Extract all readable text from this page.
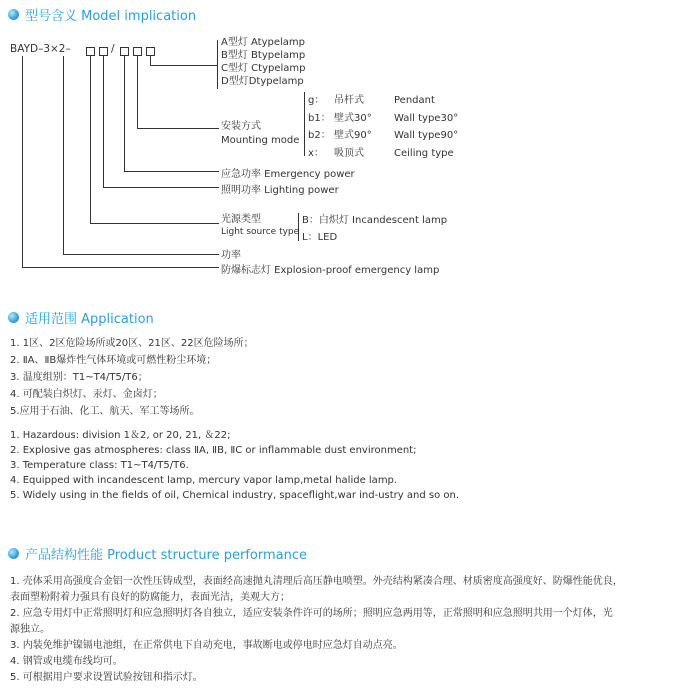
型号含义 Model implication
BAYD–3×2–	/
A型灯 Atypelamp
B型灯 Btypelamp
C型灯 Ctypelamp
D型灯Dtypelamp
安装方式
Mounting mode
g： 吊杆式	Pendant
b1： 壁式30° Wall type30°
b2： 壁式90° Wall type90°
x： 吸顶式	Ceiling type
应急功率 Emergency power
照明功率 Lighting power
光源类型
Light source type
B：白炽灯 Incandescent lamp
L：LED
功率
防爆标志灯 Explosion-proof emergency lamp
适用范围 Application
1. 1区、2区危险场所或20区、21区、22区危险场所；
2. ⅡA、ⅡB爆炸性气体环境或可燃性粉尘环境；
3. 温度组别：T1~T4/T5/T6；
4. 可配装白炽灯、汞灯、金卤灯；
5.应用于石油、化工、航天、军工等场所。
1. Hazardous: division 1＆2, or 20, 21, ＆22;
2. Explosive gas atmospheres: class ⅡA, ⅡB, ⅡC or inflammable dust environment;
3. Temperature class: T1~T4/T5/T6.
4. Equipped with incandescent lamp, mercury vapor lamp,metal halide lamp.
5. Widely using in the fields of oil, Chemical industry, spaceflight,war ind-ustry and so on.
产品结构性能 Product structure performance
1. 壳体采用高强度合金铝一次性压铸成型，表面经高速抛丸清理后高压静电喷塑。外壳结构紧凑合理、材质密度高强度好、防爆性能优良，
表面塑粉附着力强具有良好的防腐能力，表面光洁，美观大方；
2. 应急专用灯中正常照明灯和应急照明灯各自独立，适应安装条件许可的场所；照明应急两用等，正常照明和应急照明共用一个灯体，光
源独立。
3. 内装免维护镍镉电池组，在正常供电下自动充电，事故断电或停电时应急灯自动点亮。
4. 钢管或电缆布线均可。
5. 可根据用户要求设置试验按钮和指示灯。
